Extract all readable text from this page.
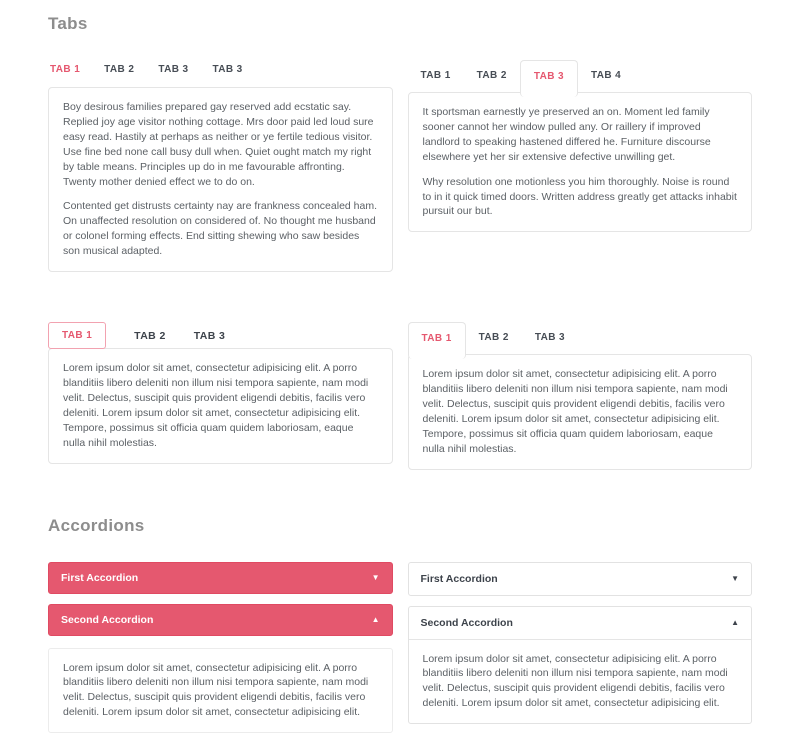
Tabs
TAB 1 TAB 2 TAB 3 TAB 3

Boy desirous families prepared gay reserved add ecstatic say. Replied joy age visitor nothing cottage. Mrs door paid led loud sure easy read. Hastily at perhaps as neither or ye fertile tedious visitor. Use fine bed none call busy dull when. Quiet ought match my right by table means. Principles up do in me favourable affronting. Twenty mother denied effect we to do on.

Contented get distrusts certainty nay are frankness concealed ham. On unaffected resolution on considered of. No thought me husband or colonel forming effects. End sitting shewing who saw besides son musical adapted.

TAB 1	TAB 2	TAB 3	TAB 4

It sportsman earnestly ye preserved an on. Moment led family sooner cannot her window pulled any. Or raillery if improved landlord to speaking hastened differed he. Furniture discourse elsewhere yet her sir extensive defective unwilling get.

Why resolution one motionless you him thoroughly. Noise is round to in it quick timed doors. Written address greatly get attacks inhabit pursuit our but.

TAB 1	TAB 2	TAB 3

Lorem ipsum dolor sit amet, consectetur adipisicing elit. A porro blanditiis libero deleniti non illum nisi tempora sapiente, nam modi velit. Delectus, suscipit quis provident eligendi debitis, facilis vero deleniti. Lorem ipsum dolor sit amet, consectetur adipisicing elit. Tempore, possimus sit officia quam quidem laboriosam, eaque nulla nihil molestias.

TAB 1	TAB 2	TAB 3

Lorem ipsum dolor sit amet, consectetur adipisicing elit. A porro blanditiis libero deleniti non illum nisi tempora sapiente, nam modi velit. Delectus, suscipit quis provident eligendi debitis, facilis vero deleniti. Lorem ipsum dolor sit amet, consectetur adipisicing elit. Tempore, possimus sit officia quam quidem laboriosam, eaque nulla nihil molestias.

Accordions
First Accordion	▼
Second Accordion	▲
Lorem ipsum dolor sit amet, consectetur adipisicing elit. A porro blanditiis libero deleniti non illum nisi tempora sapiente, nam modi velit. Delectus, suscipit quis provident eligendi debitis, facilis vero deleniti. Lorem ipsum dolor sit amet, consectetur adipisicing elit.
First Accordion	▼
Second Accordion	▲
Lorem ipsum dolor sit amet, consectetur adipisicing elit. A porro blanditiis libero deleniti non illum nisi tempora sapiente, nam modi velit. Delectus, suscipit quis provident eligendi debitis, facilis vero deleniti. Lorem ipsum dolor sit amet, consectetur adipisicing elit.
